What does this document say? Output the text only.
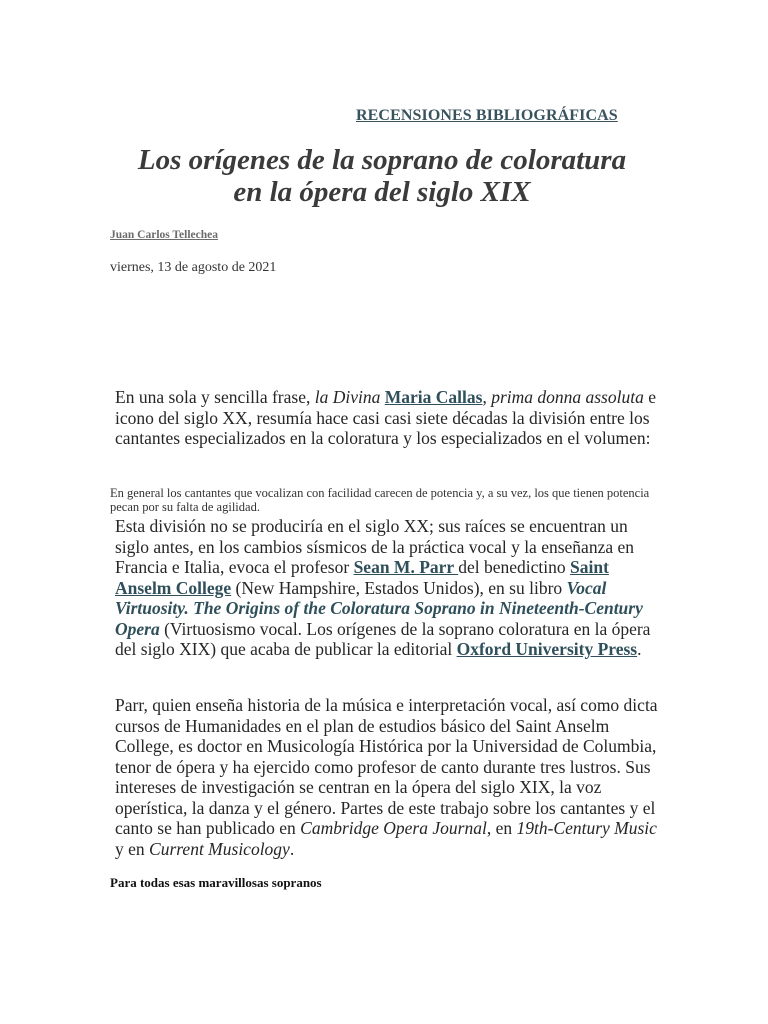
RECENSIONES BIBLIOGRÁFICAS
Los orígenes de la soprano de coloratura
en la ópera del siglo XIX
Juan Carlos Tellechea
viernes, 13 de agosto de 2021
En una sola y sencilla frase, la Divina Maria Callas, prima donna assoluta e icono del siglo XX, resumía hace casi casi siete décadas la división entre los cantantes especializados en la coloratura y los especializados en el volumen:
En general los cantantes que vocalizan con facilidad carecen de potencia y, a su vez, los que tienen potencia pecan por su falta de agilidad.
Esta división no se produciría en el siglo XX; sus raíces se encuentran un siglo antes, en los cambios sísmicos de la práctica vocal y la enseñanza en Francia e Italia, evoca el profesor Sean M. Parr del benedictino Saint Anselm College (New Hampshire, Estados Unidos), en su libro Vocal Virtuosity. The Origins of the Coloratura Soprano in Nineteenth-Century Opera (Virtuosismo vocal. Los orígenes de la soprano coloratura en la ópera del siglo XIX) que acaba de publicar la editorial Oxford University Press.
Parr, quien enseña historia de la música e interpretación vocal, así como dicta cursos de Humanidades en el plan de estudios básico del Saint Anselm College, es doctor en Musicología Histórica por la Universidad de Columbia, tenor de ópera y ha ejercido como profesor de canto durante tres lustros. Sus intereses de investigación se centran en la ópera del siglo XIX, la voz operística, la danza y el género. Partes de este trabajo sobre los cantantes y el canto se han publicado en Cambridge Opera Journal, en 19th-Century Music y en Current Musicology.
Para todas esas maravillosas sopranos
